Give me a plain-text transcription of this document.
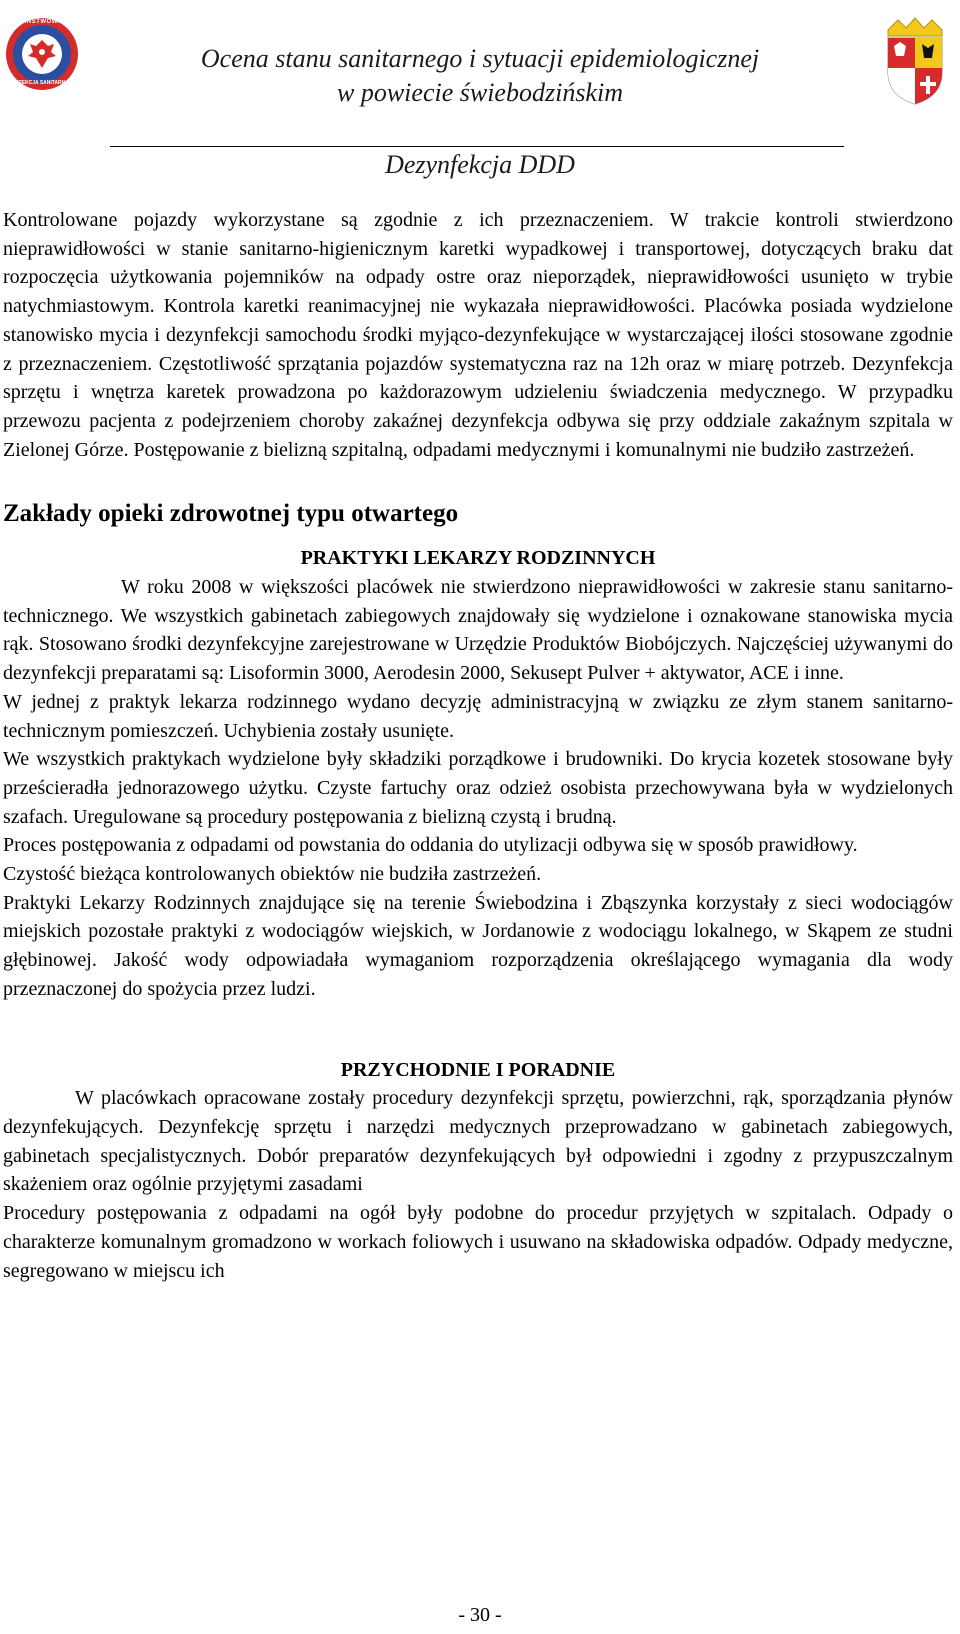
PAŃSTWOWA
INSPEKCJA SANITARNA
Ocena stanu sanitarnego i sytuacji epidemiologicznej
w powiecie świebodzińskim
Dezynfekcja DDD

Kontrolowane pojazdy wykorzystane są zgodnie z ich przeznaczeniem. W trakcie kontroli stwierdzono nieprawidłowości w stanie sanitarno-higienicznym karetki wypadkowej i transportowej, dotyczących braku dat rozpoczęcia użytkowania pojemników na odpady ostre oraz nieporządek, nieprawidłowości usunięto w trybie natychmiastowym. Kontrola karetki reanimacyjnej nie wykazała nieprawidłowości. Placówka posiada wydzielone stanowisko mycia i dezynfekcji samochodu środki myjąco-dezynfekujące w wystarczającej ilości stosowane zgodnie z przeznaczeniem. Częstotliwość sprzątania pojazdów systematyczna raz na 12h oraz w miarę potrzeb. Dezynfekcja sprzętu i wnętrza karetek prowadzona po każdorazowym udzieleniu świadczenia medycznego. W przypadku przewozu pacjenta z podejrzeniem choroby zakaźnej dezynfekcja odbywa się przy oddziale zakaźnym szpitala w Zielonej Górze. Postępowanie z bielizną szpitalną, odpadami medycznymi i komunalnymi nie budziło zastrzeżeń.

Zakłady opieki zdrowotnej typu otwartego

PRAKTYKI LEKARZY RODZINNYCH

W roku 2008 w większości placówek nie stwierdzono nieprawidłowości w zakresie stanu sanitarno-technicznego. We wszystkich gabinetach zabiegowych znajdowały się wydzielone i oznakowane stanowiska mycia rąk. Stosowano środki dezynfekcyjne zarejestrowane w Urzędzie Produktów Biobójczych. Najczęściej używanymi do dezynfekcji preparatami są: Lisoformin 3000, Aerodesin 2000, Sekusept Pulver + aktywator, ACE i inne.

W jednej z praktyk lekarza rodzinnego wydano decyzję administracyjną w związku ze złym stanem sanitarno-technicznym pomieszczeń. Uchybienia zostały usunięte.

We wszystkich praktykach wydzielone były składziki porządkowe i brudowniki. Do krycia kozetek stosowane były prześcieradła jednorazowego użytku. Czyste fartuchy oraz odzież osobista przechowywana była w wydzielonych szafach. Uregulowane są procedury postępowania z bielizną czystą i brudną.

Proces postępowania z odpadami od powstania do oddania do utylizacji odbywa się w sposób prawidłowy.

Czystość bieżąca kontrolowanych obiektów nie budziła zastrzeżeń.

Praktyki Lekarzy Rodzinnych znajdujące się na terenie Świebodzina i Zbąszynka korzystały z sieci wodociągów miejskich pozostałe praktyki z wodociągów wiejskich, w Jordanowie z wodociągu lokalnego, w Skąpem ze studni głębinowej. Jakość wody odpowiadała wymaganiom rozporządzenia określającego wymagania dla wody przeznaczonej do spożycia przez ludzi.

PRZYCHODNIE I PORADNIE

W placówkach opracowane zostały procedury dezynfekcji sprzętu, powierzchni, rąk, sporządzania płynów dezynfekujących. Dezynfekcję sprzętu i narzędzi medycznych przeprowadzano w gabinetach zabiegowych, gabinetach specjalistycznych. Dobór preparatów dezynfekujących był odpowiedni i zgodny z przypuszczalnym skażeniem oraz ogólnie przyjętymi zasadami

Procedury postępowania z odpadami na ogół były podobne do procedur przyjętych w szpitalach. Odpady o charakterze komunalnym gromadzono w workach foliowych i usuwano na składowiska odpadów. Odpady medyczne, segregowano w miejscu ich

- 30 -
